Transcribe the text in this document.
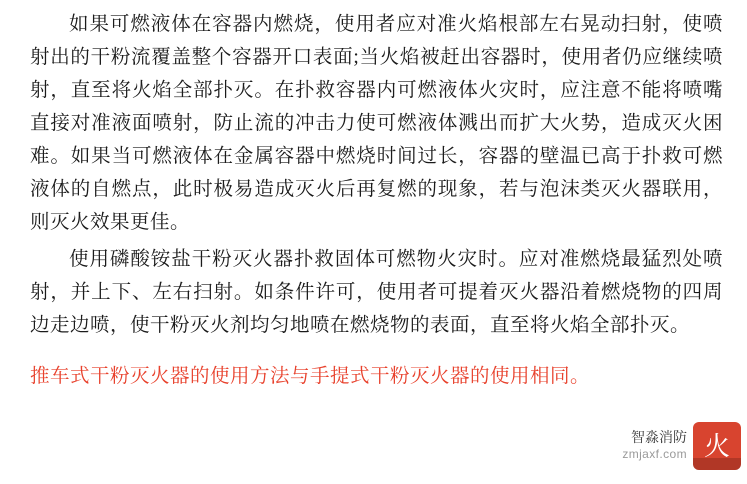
如果可燃液体在容器内燃烧，使用者应对准火焰根部左右晃动扫射，使喷射出的干粉流覆盖整个容器开口表面;当火焰被赶出容器时，使用者仍应继续喷射，直至将火焰全部扑灭。在扑救容器内可燃液体火灾时，应注意不能将喷嘴直接对准液面喷射，防止流的冲击力使可燃液体溅出而扩大火势，造成灭火困难。如果当可燃液体在金属容器中燃烧时间过长，容器的壁温已高于扑救可燃液体的自燃点，此时极易造成灭火后再复燃的现象，若与泡沫类灭火器联用，则灭火效果更佳。

使用磷酸铵盐干粉灭火器扑救固体可燃物火灾时。应对准燃烧最猛烈处喷射，并上下、左右扫射。如条件许可，使用者可提着灭火器沿着燃烧物的四周边走边喷，使干粉灭火剂均匀地喷在燃烧物的表面，直至将火焰全部扑灭。

推车式干粉灭火器的使用方法与手提式干粉灭火器的使用相同。

智淼消防
zmjaxf.com 火
